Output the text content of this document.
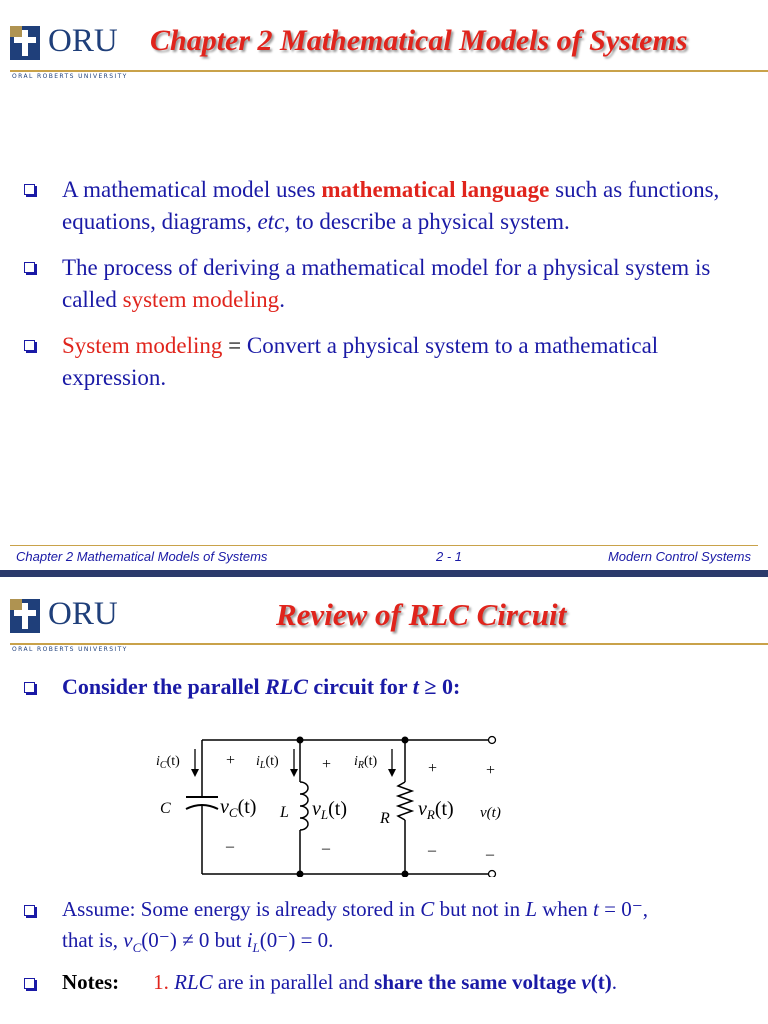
ORU
ORAL ROBERTS UNIVERSITY
Chapter 2 Mathematical Models of Systems
A mathematical model uses mathematical language such as functions, equations, diagrams, etc, to describe a physical system.
The process of deriving a mathematical model for a physical system is called system modeling.
System modeling = Convert a physical system to a mathematical expression.
Chapter 2 Mathematical Models of Systems	2 - 1	Modern Control Systems
ORU
ORAL ROBERTS UNIVERSITY
Review of RLC Circuit
Consider the parallel RLC circuit for t ≥ 0:
$i_C(t)$	$i_L(t)$	$i_R(t)$
+	+	+	+
C	L	R
$v_C(t)$	$v_L(t)$	$v_R(t)$ v(t)
–	–	–	–
Assume: Some energy is already stored in C but not in L when t = 0⁻,
that is, $v_C(0^-) \ne 0$ but $i_L(0^-) = 0$.
Notes: 1. RLC are in parallel and share the same voltage v(t).
